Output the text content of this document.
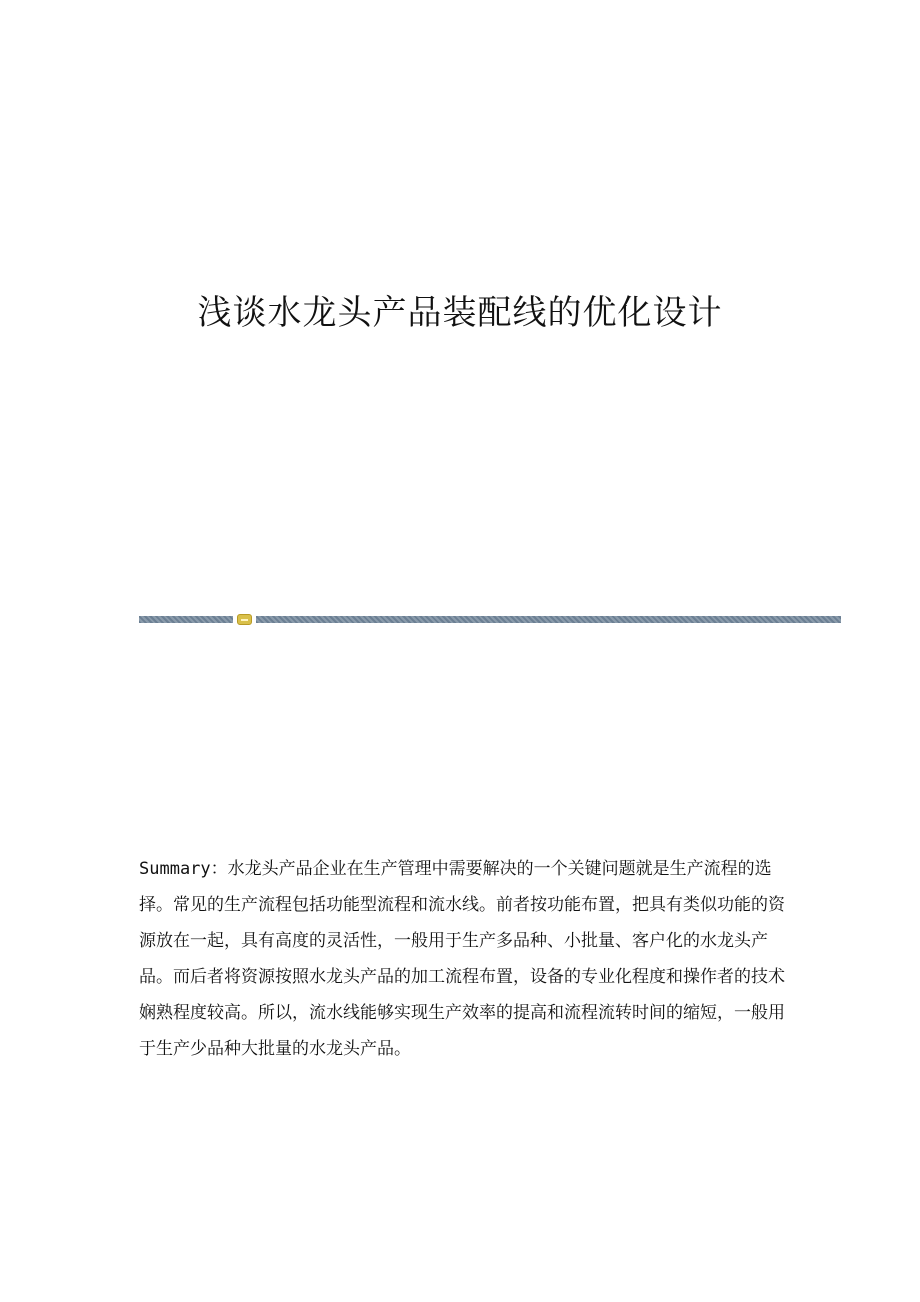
浅谈水龙头产品装配线的优化设计

Summary：水龙头产品企业在生产管理中需要解决的一个关键问题就是生产流程的选择。常见的生产流程包括功能型流程和流水线。前者按功能布置，把具有类似功能的资源放在一起，具有高度的灵活性，一般用于生产多品种、小批量、客户化的水龙头产品。而后者将资源按照水龙头产品的加工流程布置，设备的专业化程度和操作者的技术娴熟程度较高。所以，流水线能够实现生产效率的提高和流程流转时间的缩短，一般用于生产少品种大批量的水龙头产品。
